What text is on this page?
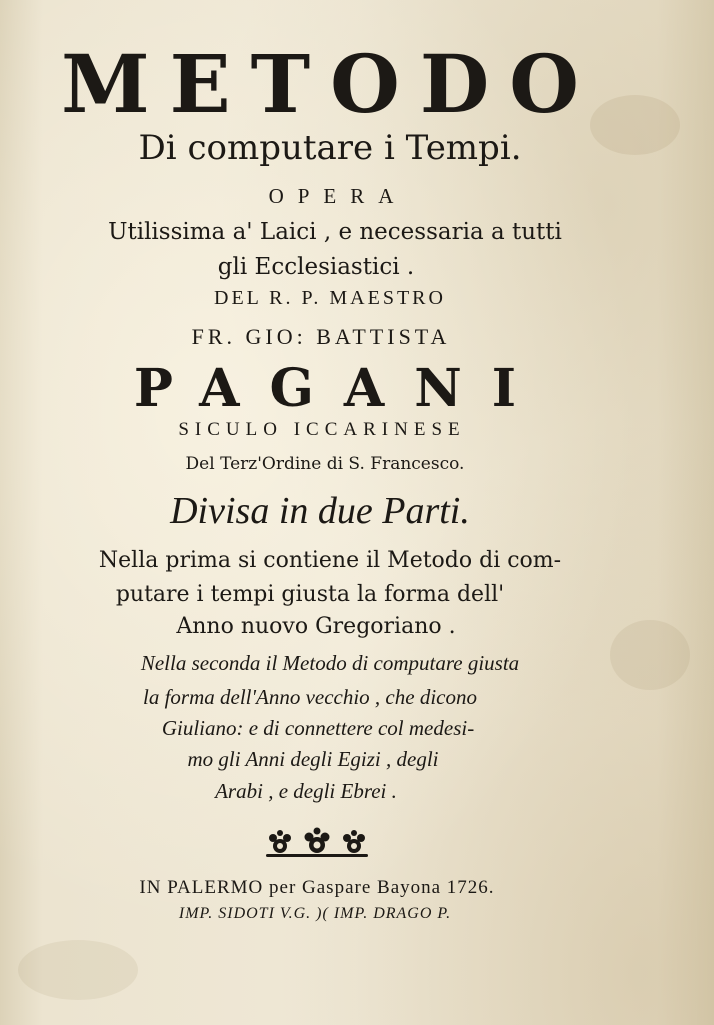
METODO
Di computare i Tempi.
OPERA
Utilissima a' Laici , e necessaria a tutti
gli Ecclesiastici .
DEL R. P. MAESTRO
FR. GIO: BATTISTA
PAGANI
SICULO ICCARINESE
Del Terz'Ordine di S. Francesco.
Divisa in due Parti.
Nella prima si contiene il Metodo di com-
putare i tempi giusta la forma dell'
Anno nuovo Gregoriano .
Nella seconda il Metodo di computare giusta
la forma dell'Anno vecchio , che dicono
Giuliano: e di connettere col medesi-
mo gli Anni degli Egizi , degli
Arabi , e degli Ebrei .
IN PALERMO per Gaspare Bayona 1726.
IMP. SIDOTI V.G. )( IMP. DRAGO P.
